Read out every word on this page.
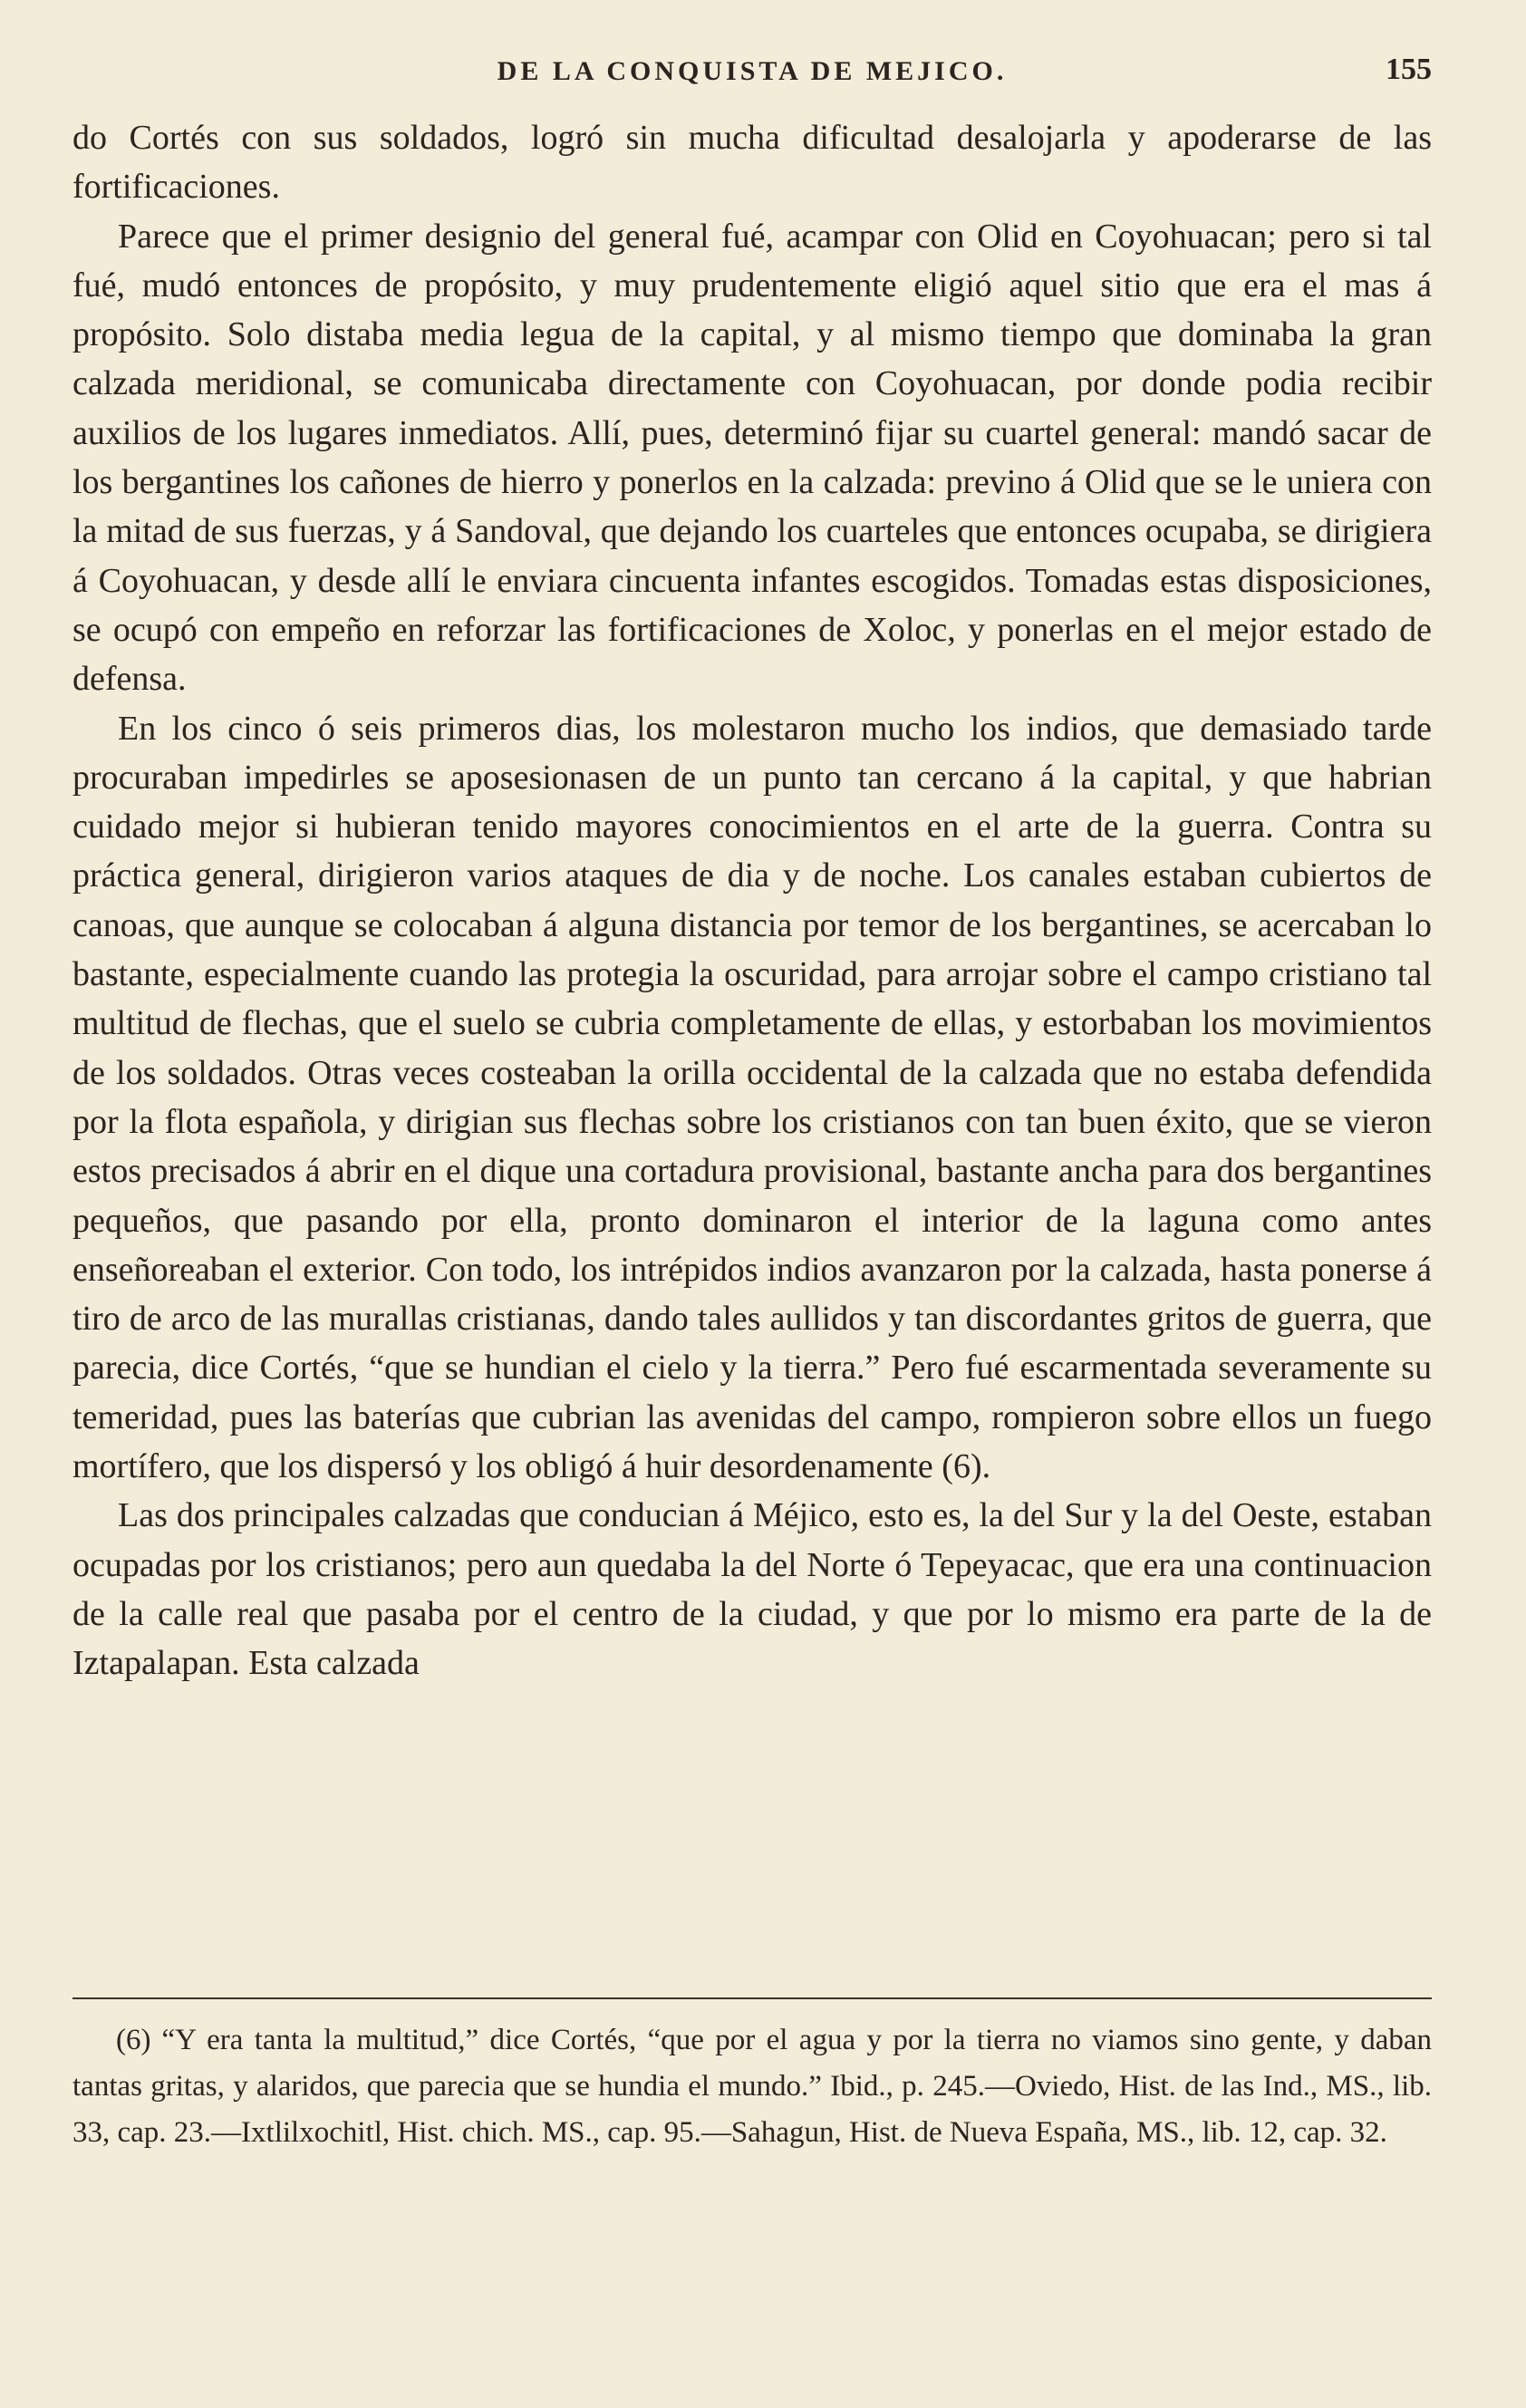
DE LA CONQUISTA DE MEJICO.	155

do Cortés con sus soldados, logró sin mucha dificultad desalojarla y apoderarse de las fortificaciones.

Parece que el primer designio del general fué, acampar con Olid en Coyohuacan; pero si tal fué, mudó entonces de propósito, y muy prudentemente eligió aquel sitio que era el mas á propósito. Solo distaba media legua de la capital, y al mismo tiempo que dominaba la gran calzada meridional, se comunicaba directamente con Coyohuacan, por donde podia recibir auxilios de los lugares inmediatos. Allí, pues, determinó fijar su cuartel general: mandó sacar de los bergantines los cañones de hierro y ponerlos en la calzada: previno á Olid que se le uniera con la mitad de sus fuerzas, y á Sandoval, que dejando los cuarteles que entonces ocupaba, se dirigiera á Coyohuacan, y desde allí le enviara cincuenta infantes escogidos. Tomadas estas disposiciones, se ocupó con empeño en reforzar las fortificaciones de Xoloc, y ponerlas en el mejor estado de defensa.

En los cinco ó seis primeros dias, los molestaron mucho los indios, que demasiado tarde procuraban impedirles se aposesionasen de un punto tan cercano á la capital, y que habrian cuidado mejor si hubieran tenido mayores conocimientos en el arte de la guerra. Contra su práctica general, dirigieron varios ataques de dia y de noche. Los canales estaban cubiertos de canoas, que aunque se colocaban á alguna distancia por temor de los bergantines, se acercaban lo bastante, especialmente cuando las protegia la oscuridad, para arrojar sobre el campo cristiano tal multitud de flechas, que el suelo se cubria completamente de ellas, y estorbaban los movimientos de los soldados. Otras veces costeaban la orilla occidental de la calzada que no estaba defendida por la flota española, y dirigian sus flechas sobre los cristianos con tan buen éxito, que se vieron estos precisados á abrir en el dique una cortadura provisional, bastante ancha para dos bergantines pequeños, que pasando por ella, pronto dominaron el interior de la laguna como antes enseñoreaban el exterior. Con todo, los intrépidos indios avanzaron por la calzada, hasta ponerse á tiro de arco de las murallas cristianas, dando tales aullidos y tan discordantes gritos de guerra, que parecia, dice Cortés, “que se hundian el cielo y la tierra.” Pero fué escarmentada severamente su temeridad, pues las baterías que cubrian las avenidas del campo, rompieron sobre ellos un fuego mortífero, que los dispersó y los obligó á huir desordenamente (6).

Las dos principales calzadas que conducian á Méjico, esto es, la del Sur y la del Oeste, estaban ocupadas por los cristianos; pero aun quedaba la del Norte ó Tepeyacac, que era una continuacion de la calle real que pasaba por el centro de la ciudad, y que por lo mismo era parte de la de Iztapalapan. Esta calzada

(6) “Y era tanta la multitud,” dice Cortés, “que por el agua y por la tierra no viamos sino gente, y daban tantas gritas, y alaridos, que parecia que se hundia el mundo.” Ibid., p. 245.—Oviedo, Hist. de las Ind., MS., lib. 33, cap. 23.—Ixtlilxochitl, Hist. chich. MS., cap. 95.—Sahagun, Hist. de Nueva España, MS., lib. 12, cap. 32.
